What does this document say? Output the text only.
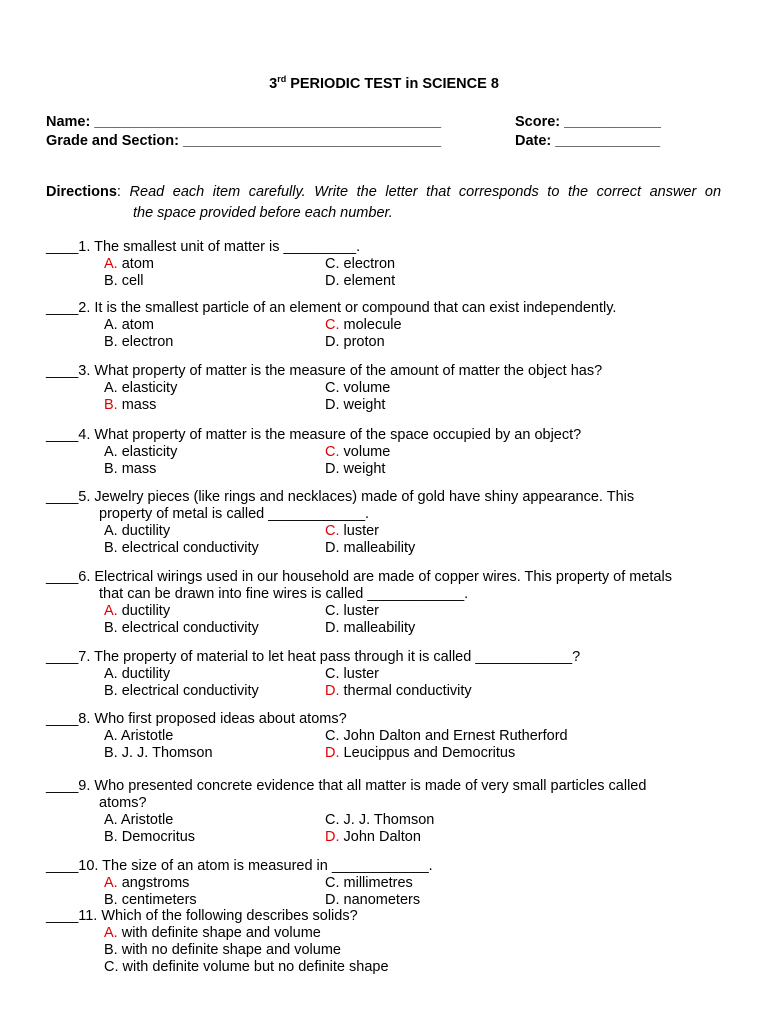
3rd PERIODIC TEST in SCIENCE 8
Name: ___________________________________________	Score: ____________
Grade and Section: ________________________________	Date: _____________
Directions: Read each item carefully. Write the letter that corresponds to the correct answer on
the space provided before each number.
____1. The smallest unit of matter is _________.
A. atom	C. electron
B. cell	D. element
____2. It is the smallest particle of an element or compound that can exist independently.
A. atom	C. molecule
B. electron	D. proton
____3. What property of matter is the measure of the amount of matter the object has?
A. elasticity	C. volume
B. mass	D. weight
____4. What property of matter is the measure of the space occupied by an object?
A. elasticity	C. volume
B. mass	D. weight
____5. Jewelry pieces (like rings and necklaces) made of gold have shiny appearance. This
property of metal is called ____________.
A. ductility	C. luster
B. electrical conductivity	D. malleability
____6. Electrical wirings used in our household are made of copper wires. This property of metals
that can be drawn into fine wires is called ____________.
A. ductility	C. luster
B. electrical conductivity	D. malleability
____7. The property of material to let heat pass through it is called ____________?
A. ductility	C. luster
B. electrical conductivity	D. thermal conductivity
____8. Who first proposed ideas about atoms?
A. Aristotle	C. John Dalton and Ernest Rutherford
B. J. J. Thomson	D. Leucippus and Democritus
____9. Who presented concrete evidence that all matter is made of very small particles called
atoms?
A. Aristotle	C. J. J. Thomson
B. Democritus	D. John Dalton
____10. The size of an atom is measured in ____________.
A. angstroms	C. millimetres
B. centimeters	D. nanometers
____11. Which of the following describes solids?
A. with definite shape and volume
B. with no definite shape and volume
C. with definite volume but no definite shape
